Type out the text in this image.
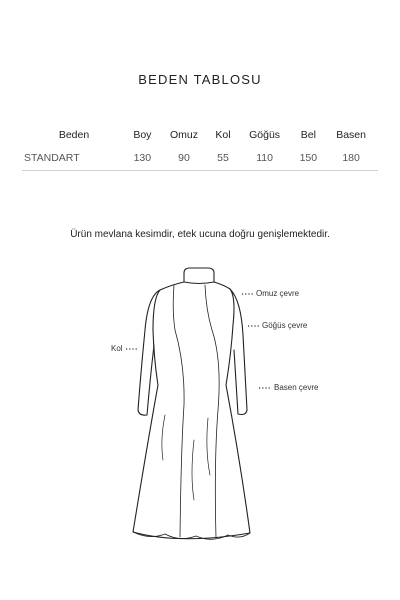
BEDEN TABLOSU
Beden	Boy	Omuz	Kol	Göğüs	Bel	Basen
STANDART	130	90	55	110	150	180
Ürün mevlana kesimdir, etek ucuna doğru genişlemektedir.
Omuz çevre
Göğüs çevre
Kol
Basen çevre
